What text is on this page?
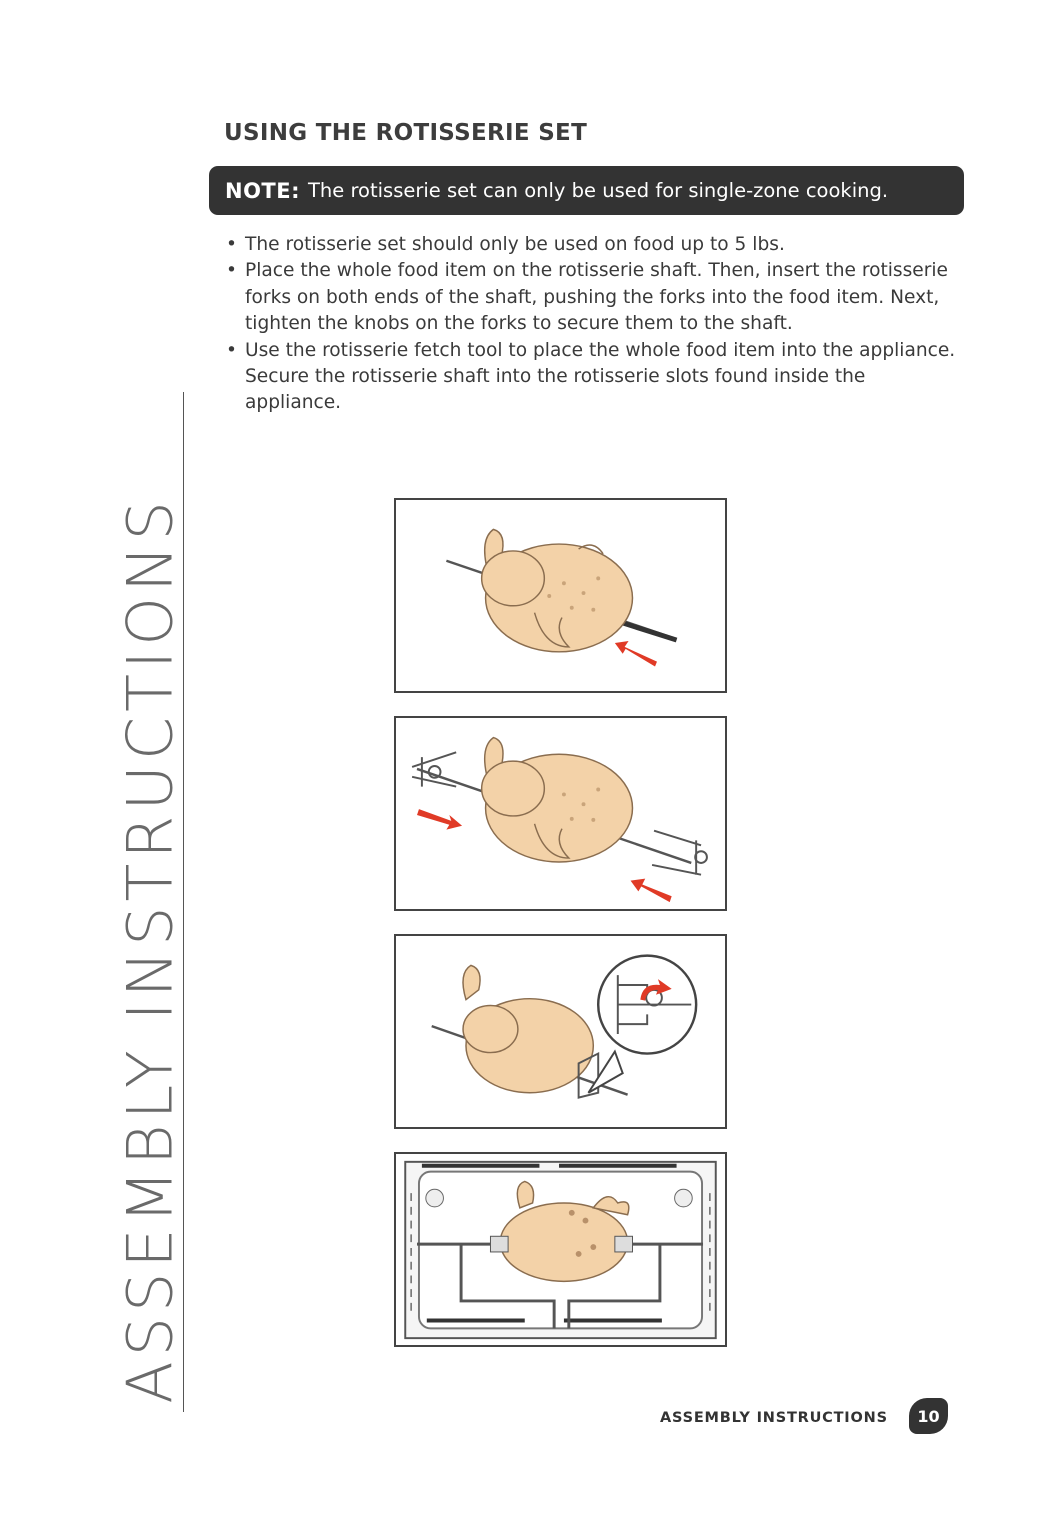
USING THE ROTISSERIE SET
NOTE: The rotisserie set can only be used for single-zone cooking.
• The rotisserie set should only be used on food up to 5 lbs.
• Place the whole food item on the rotisserie shaft. Then, insert the rotisserie forks on both ends of the shaft, pushing the forks into the food item. Next, tighten the knobs on the forks to secure them to the shaft.
• Use the rotisserie fetch tool to place the whole food item into the appliance. Secure the rotisserie shaft into the rotisserie slots found inside the appliance.
ASSEMBLY INSTRUCTIONS
ASSEMBLY INSTRUCTIONS 10
